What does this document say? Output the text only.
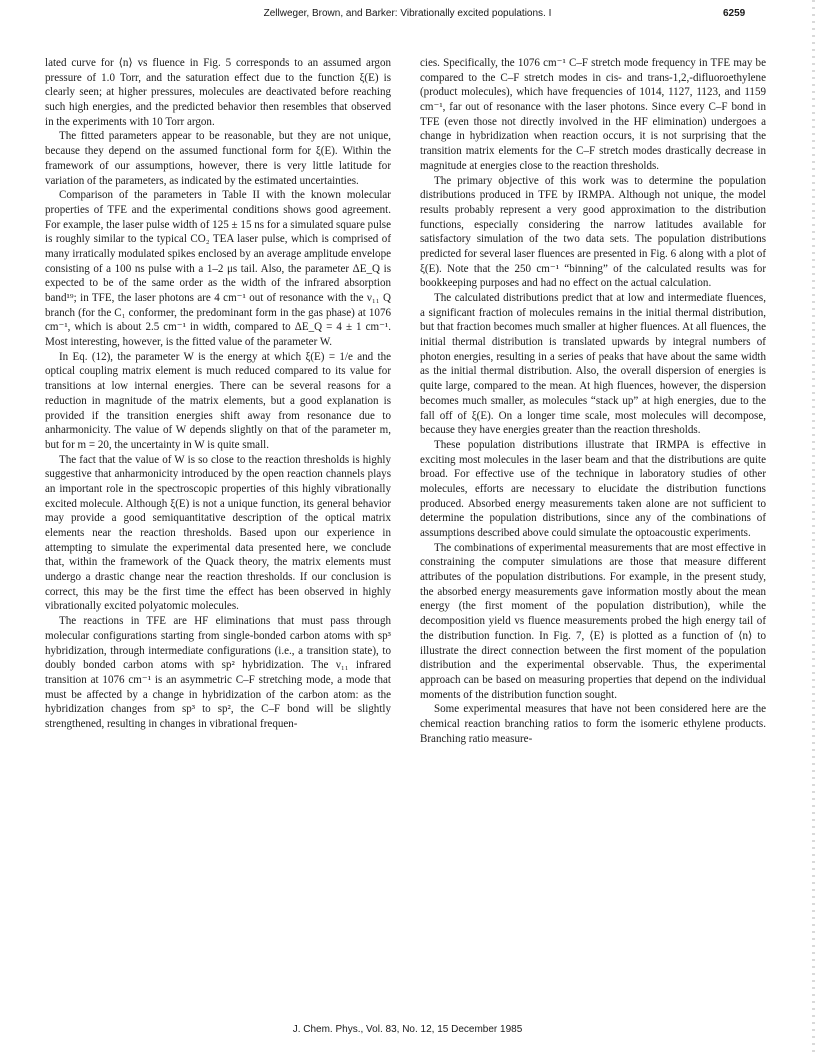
Zellweger, Brown, and Barker: Vibrationally excited populations. I	6259

lated curve for ⟨n⟩ vs fluence in Fig. 5 corresponds to an assumed argon pressure of 1.0 Torr, and the saturation effect due to the function ξ(E) is clearly seen; at higher pressures, molecules are deactivated before reaching such high energies, and the predicted behavior then resembles that observed in the experiments with 10 Torr argon.

The fitted parameters appear to be reasonable, but they are not unique, because they depend on the assumed functional form for ξ(E). Within the framework of our assumptions, however, there is very little latitude for variation of the parameters, as indicated by the estimated uncertainties.

Comparison of the parameters in Table II with the known molecular properties of TFE and the experimental conditions shows good agreement. For example, the laser pulse width of 125 ± 15 ns for a simulated square pulse is roughly similar to the typical CO₂ TEA laser pulse, which is comprised of many irratically modulated spikes enclosed by an average amplitude envelope consisting of a 100 ns pulse with a 1–2 μs tail. Also, the parameter ΔE_Q is expected to be of the same order as the width of the infrared absorption band¹⁹; in TFE, the laser photons are 4 cm⁻¹ out of resonance with the ν₁₁ Q branch (for the C₁ conformer, the predominant form in the gas phase) at 1076 cm⁻¹, which is about 2.5 cm⁻¹ in width, compared to ΔE_Q = 4 ± 1 cm⁻¹. Most interesting, however, is the fitted value of the parameter W.

In Eq. (12), the parameter W is the energy at which ξ(E) = 1/e and the optical coupling matrix element is much reduced compared to its value for transitions at low internal energies. There can be several reasons for a reduction in magnitude of the matrix elements, but a good explanation is provided if the transition energies shift away from resonance due to anharmonicity. The value of W depends slightly on that of the parameter m, but for m = 20, the uncertainty in W is quite small.

The fact that the value of W is so close to the reaction thresholds is highly suggestive that anharmonicity introduced by the open reaction channels plays an important role in the spectroscopic properties of this highly vibrationally excited molecule. Although ξ(E) is not a unique function, its general behavior may provide a good semiquantitative description of the optical matrix elements near the reaction thresholds. Based upon our experience in attempting to simulate the experimental data presented here, we conclude that, within the framework of the Quack theory, the matrix elements must undergo a drastic change near the reaction thresholds. If our conclusion is correct, this may be the first time the effect has been observed in highly vibrationally excited polyatomic molecules.

The reactions in TFE are HF eliminations that must pass through molecular configurations starting from single-bonded carbon atoms with sp³ hybridization, through intermediate configurations (i.e., a transition state), to doubly bonded carbon atoms with sp² hybridization. The ν₁₁ infrared transition at 1076 cm⁻¹ is an asymmetric C–F stretching mode, a mode that must be affected by a change in hybridization of the carbon atom: as the hybridization changes from sp³ to sp², the C–F bond will be slightly strengthened, resulting in changes in vibrational frequen-

cies. Specifically, the 1076 cm⁻¹ C–F stretch mode frequency in TFE may be compared to the C–F stretch modes in cis- and trans-1,2,-difluoroethylene (product molecules), which have frequencies of 1014, 1127, 1123, and 1159 cm⁻¹, far out of resonance with the laser photons. Since every C–F bond in TFE (even those not directly involved in the HF elimination) undergoes a change in hybridization when reaction occurs, it is not surprising that the transition matrix elements for the C–F stretch modes drastically decrease in magnitude at energies close to the reaction thresholds.

The primary objective of this work was to determine the population distributions produced in TFE by IRMPA. Although not unique, the model results probably represent a very good approximation to the distribution functions, especially considering the narrow latitudes available for satisfactory simulation of the two data sets. The population distributions predicted for several laser fluences are presented in Fig. 6 along with a plot of ξ(E). Note that the 250 cm⁻¹ “binning” of the calculated results was for bookkeeping purposes and had no effect on the actual calculation.

The calculated distributions predict that at low and intermediate fluences, a significant fraction of molecules remains in the initial thermal distribution, but that fraction becomes much smaller at higher fluences. At all fluences, the initial thermal distribution is translated upwards by integral numbers of photon energies, resulting in a series of peaks that have about the same width as the initial thermal distribution. Also, the overall dispersion of energies is quite large, compared to the mean. At high fluences, however, the dispersion becomes much smaller, as molecules “stack up” at high energies, due to the fall off of ξ(E). On a longer time scale, most molecules will decompose, because they have energies greater than the reaction thresholds.

These population distributions illustrate that IRMPA is effective in exciting most molecules in the laser beam and that the distributions are quite broad. For effective use of the technique in laboratory studies of other molecules, efforts are necessary to elucidate the distribution functions produced. Absorbed energy measurements taken alone are not sufficient to determine the population distributions, since any of the combinations of assumptions described above could simulate the optoacoustic experiments.

The combinations of experimental measurements that are most effective in constraining the computer simulations are those that measure different attributes of the population distributions. For example, in the present study, the absorbed energy measurements gave information mostly about the mean energy (the first moment of the population distribution), while the decomposition yield vs fluence measurements probed the high energy tail of the distribution function. In Fig. 7, ⟨E⟩ is plotted as a function of ⟨n⟩ to illustrate the direct connection between the first moment of the population distribution and the experimental observable. Thus, the experimental approach can be based on measuring properties that depend on the individual moments of the distribution function sought.

Some experimental measures that have not been considered here are the chemical reaction branching ratios to form the isomeric ethylene products. Branching ratio measure-

J. Chem. Phys., Vol. 83, No. 12, 15 December 1985
